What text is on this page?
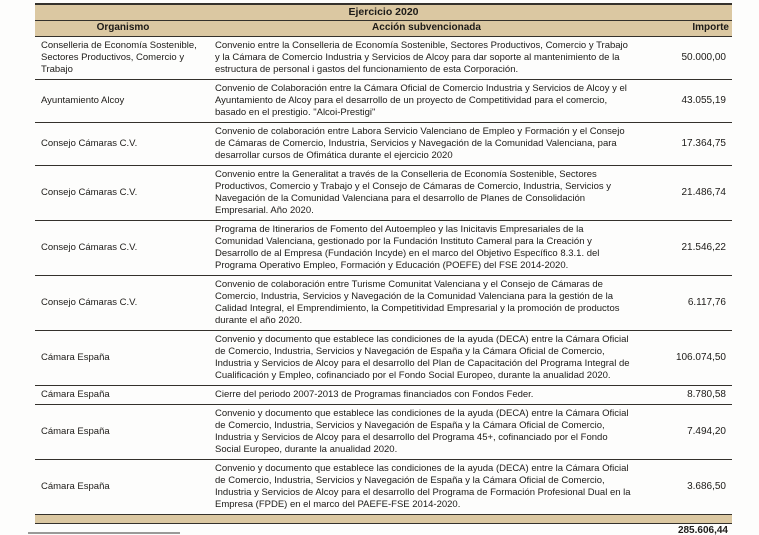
Ejercicio 2020		
Organismo	Acción subvencionada	Importe
Conselleria de Economía Sostenible, Sectores Productivos, Comercio y Trabajo	Convenio entre la Conselleria de Economía Sostenible, Sectores Productivos, Comercio y Trabajo y la Cámara de Comercio Industria y Servicios de Alcoy para dar soporte al mantenimiento de la estructura de personal i gastos del funcionamiento de esta Corporación.	50.000,00
Ayuntamiento Alcoy	Convenio de Colaboración entre la Cámara Oficial de Comercio Industria y Servicios de Alcoy y el Ayuntamiento de Alcoy para el desarrollo de un proyecto de Competitividad para el comercio, basado en el prestigio. "Alcoi-Prestigi"	43.055,19
Consejo Cámaras C.V.	Convenio de colaboración entre Labora Servicio Valenciano de Empleo y Formación y el Consejo de Cámaras de Comercio, Industria, Servicios y Navegación de la Comunidad Valenciana, para desarrollar cursos de Ofimática durante el ejercicio 2020	17.364,75
Consejo Cámaras C.V.	Convenio entre la Generalitat a través de la Conselleria de Economía Sostenible, Sectores Productivos, Comercio y Trabajo y el Consejo de Cámaras de Comercio, Industria, Servicios y Navegación de la Comunidad Valenciana para el desarrollo de Planes de Consolidación Empresarial. Año 2020.	21.486,74
Consejo Cámaras C.V.	Programa de Itinerarios de Fomento del Autoempleo y las Inicitavis Empresariales de la Comunidad Valenciana, gestionado por la Fundación Instituto Cameral para la Creación y Desarrollo de al Empresa (Fundación Incyde) en el marco del Objetivo Específico 8.3.1. del Programa Operativo Empleo, Formación y Educación (POEFE) del FSE 2014-2020.	21.546,22
Consejo Cámaras C.V.	Convenio de colaboración entre Turisme Comunitat Valenciana y el Consejo de Cámaras de Comercio, Industria, Servicios y Navegación de la Comunidad Valenciana para la gestión de la Calidad Integral, el Emprendimiento, la Competitividad Empresarial y la promoción de productos durante el año 2020.	6.117,76
Cámara España	Convenio y documento que establece las condiciones de la ayuda (DECA) entre la Cámara Oficial de Comercio, Industria, Servicios y Navegación de España y la Cámara Oficial de Comercio, Industria y Servicios de Alcoy para el desarrollo del Plan de Capacitación del Programa Integral de Cualificación y Empleo, cofinanciado por el Fondo Social Europeo, durante la anualidad 2020.	106.074,50
Cámara España	Cierre del periodo 2007-2013 de Programas financiados con Fondos Feder.	8.780,58
Cámara España	Convenio y documento que establece las condiciones de la ayuda (DECA) entre la Cámara Oficial de Comercio, Industria, Servicios y Navegación de España y la Cámara Oficial de Comercio, Industria y Servicios de Alcoy para el desarrollo del Programa 45+, cofinanciado por el Fondo Social Europeo, durante la anualidad 2020.	7.494,20
Cámara España	Convenio y documento que establece las condiciones de la ayuda (DECA) entre la Cámara Oficial de Comercio, Industria, Servicios y Navegación de España y la Cámara Oficial de Comercio, Industria y Servicios de Alcoy para el desarrollo del Programa de Formación Profesional Dual en la Empresa (FPDE) en el marco del PAEFE-FSE 2014-2020.	3.686,50

285.606,44		
